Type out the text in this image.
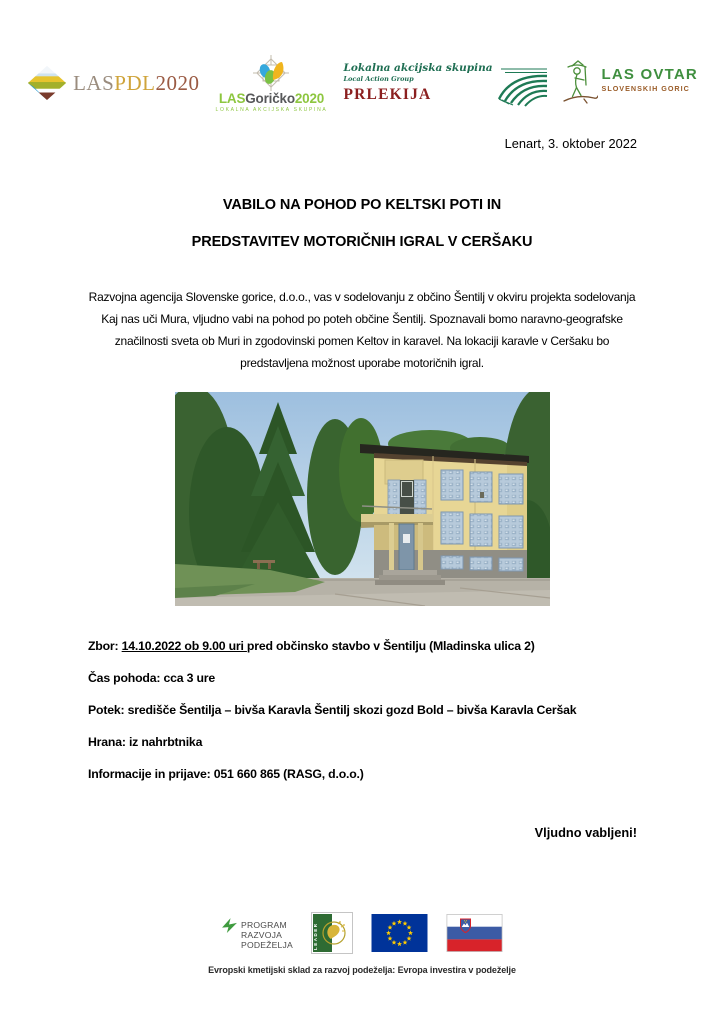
LASPDL2020
LASGoričko2020
LOKALNA AKCIJSKA SKUPINA
Lokalna akcijska skupina
Local Action Group
PRLEKIJA
LAS OVTAR
SLOVENSKIH GORIC
Lenart, 3. oktober 2022
VABILO NA POHOD PO KELTSKI POTI IN
PREDSTAVITEV MOTORIČNIH IGRAL V CERŠAKU
Razvojna agencija Slovenske gorice, d.o.o., vas v sodelovanju z občino Šentilj v okviru projekta sodelovanja Kaj nas uči Mura, vljudno vabi na pohod po poteh občine Šentilj. Spoznavali bomo naravno-geografske značilnosti sveta ob Muri in zgodovinski pomen Keltov in karavel. Na lokaciji karavle v Ceršaku bo predstavljena možnost uporabe motoričnih igral.
Zbor: 14.10.2022 ob 9.00 uri pred občinsko stavbo v Šentilju (Mladinska ulica 2)
Čas pohoda: cca 3 ure
Potek: središče Šentilja – bivša Karavla Šentilj skozi gozd Bold – bivša Karavla Ceršak
Hrana: iz nahrbtnika
Informacije in prijave: 051 660 865 (RASG, d.o.o.)
Vljudno vabljeni!
PROGRAM
RAZVOJA
PODEŽELJA	LEADER
Evropski kmetijski sklad za razvoj podeželja: Evropa investira v podeželje
